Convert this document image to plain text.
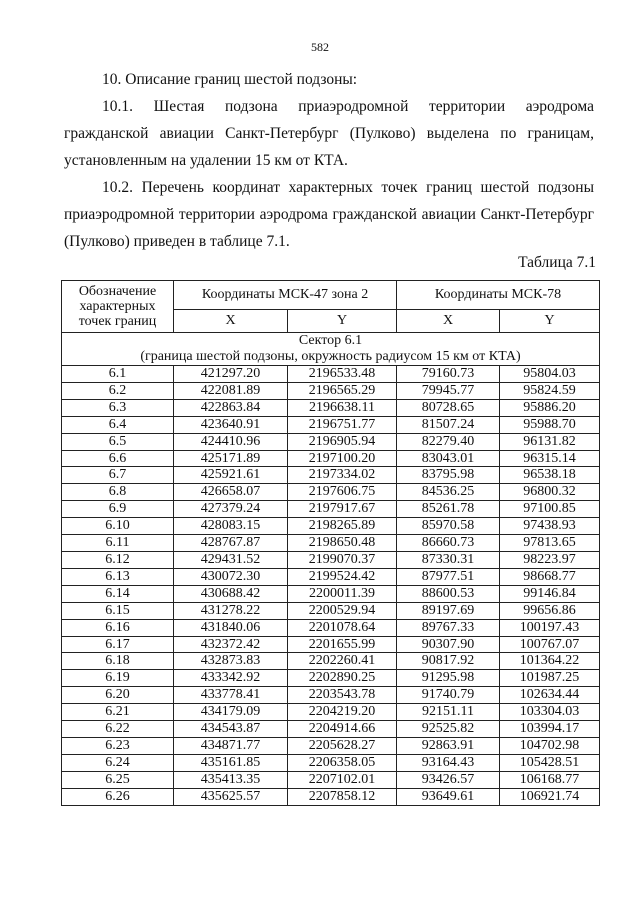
582
10. Описание границ шестой подзоны:
10.1. Шестая подзона приаэродромной территории аэродрома гражданской авиации Санкт-Петербург (Пулково) выделена по границам, установленным на удалении 15 км от КТА.
10.2. Перечень координат характерных точек границ шестой подзоны приаэродромной территории аэродрома гражданской авиации Санкт-Петербург (Пулково) приведен в таблице 7.1.
Таблица 7.1
Обозначение характерных точек границ	Координаты МСК-47 зона 2		Координаты МСК-78	
	X	Y	X	Y

Сектор 6.1
(граница шестой подзоны, окружность радиусом 15 км от КТА)				

6.1	421297.20	2196533.48	79160.73	95804.03
6.2	422081.89	2196565.29	79945.77	95824.59
6.3	422863.84	2196638.11	80728.65	95886.20
6.4	423640.91	2196751.77	81507.24	95988.70
6.5	424410.96	2196905.94	82279.40	96131.82
6.6	425171.89	2197100.20	83043.01	96315.14
6.7	425921.61	2197334.02	83795.98	96538.18
6.8	426658.07	2197606.75	84536.25	96800.32
6.9	427379.24	2197917.67	85261.78	97100.85
6.10	428083.15	2198265.89	85970.58	97438.93
6.11	428767.87	2198650.48	86660.73	97813.65
6.12	429431.52	2199070.37	87330.31	98223.97
6.13	430072.30	2199524.42	87977.51	98668.77
6.14	430688.42	2200011.39	88600.53	99146.84
6.15	431278.22	2200529.94	89197.69	99656.86
6.16	431840.06	2201078.64	89767.33	100197.43
6.17	432372.42	2201655.99	90307.90	100767.07
6.18	432873.83	2202260.41	90817.92	101364.22
6.19	433342.92	2202890.25	91295.98	101987.25
6.20	433778.41	2203543.78	91740.79	102634.44
6.21	434179.09	2204219.20	92151.11	103304.03
6.22	434543.87	2204914.66	92525.82	103994.17
6.23	434871.77	2205628.27	92863.91	104702.98
6.24	435161.85	2206358.05	93164.43	105428.51
6.25	435413.35	2207102.01	93426.57	106168.77
6.26	435625.57	2207858.12	93649.61	106921.74
